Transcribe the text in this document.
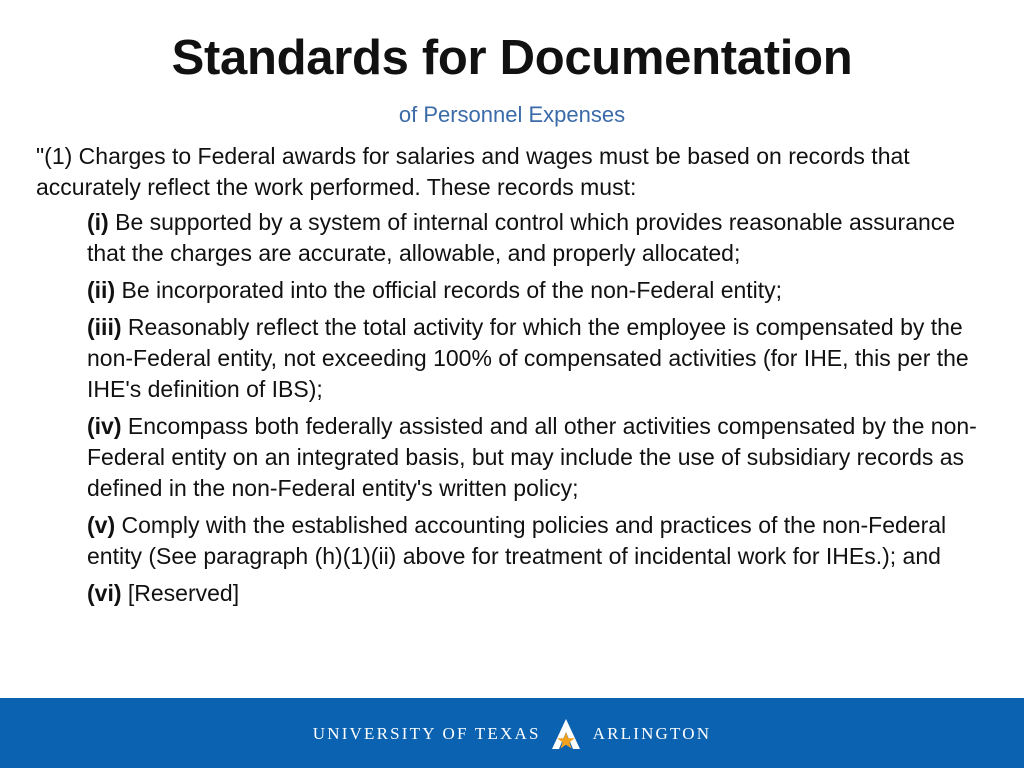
Standards for Documentation
of Personnel Expenses

"(1) Charges to Federal awards for salaries and wages must be based on records that accurately reflect the work performed. These records must:

(i) Be supported by a system of internal control which provides reasonable assurance that the charges are accurate, allowable, and properly allocated;
(ii) Be incorporated into the official records of the non-Federal entity;
(iii) Reasonably reflect the total activity for which the employee is compensated by the non-Federal entity, not exceeding 100% of compensated activities (for IHE, this per the IHE's definition of IBS);
(iv) Encompass both federally assisted and all other activities compensated by the non-Federal entity on an integrated basis, but may include the use of subsidiary records as defined in the non-Federal entity's written policy;
(v) Comply with the established accounting policies and practices of the non-Federal entity (See paragraph (h)(1)(ii) above for treatment of incidental work for IHEs.); and
(vi) [Reserved]
UNIVERSITY OF TEXAS	ARLINGTON
